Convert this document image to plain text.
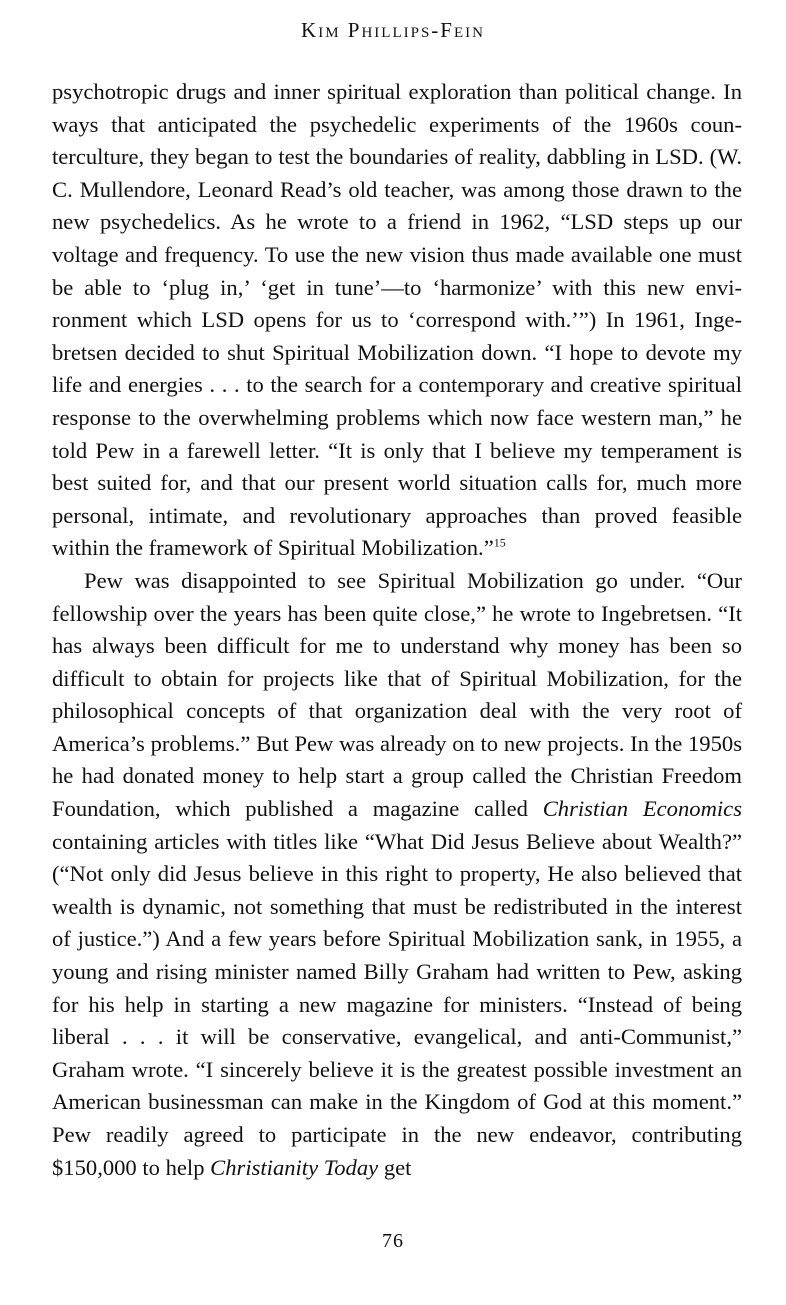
Kim Phillips-Fein

psychotropic drugs and inner spiritual exploration than political change. In ways that anticipated the psychedelic experiments of the 1960s counterculture, they began to test the boundaries of reality, dabbling in LSD. (W. C. Mullendore, Leonard Read’s old teacher, was among those drawn to the new psychedelics. As he wrote to a friend in 1962, “LSD steps up our voltage and frequency. To use the new vision thus made available one must be able to ‘plug in,’ ‘get in tune’—to ‘harmonize’ with this new environment which LSD opens for us to ‘correspond with.’”) In 1961, Ingebretsen decided to shut Spiritual Mobilization down. “I hope to devote my life and energies . . . to the search for a contemporary and creative spiritual response to the overwhelming problems which now face western man,” he told Pew in a farewell letter. “It is only that I believe my temperament is best suited for, and that our present world situation calls for, much more personal, intimate, and revolutionary approaches than proved feasible within the framework of Spiritual Mobilization.”$^{15}$

Pew was disappointed to see Spiritual Mobilization go under. “Our fellowship over the years has been quite close,” he wrote to Ingebretsen. “It has always been difficult for me to understand why money has been so difficult to obtain for projects like that of Spiritual Mobilization, for the philosophical concepts of that organization deal with the very root of America’s problems.” But Pew was already on to new projects. In the 1950s he had donated money to help start a group called the Christian Freedom Foundation, which published a magazine called Christian Economics containing articles with titles like “What Did Jesus Believe about Wealth?” (“Not only did Jesus believe in this right to property, He also believed that wealth is dynamic, not something that must be redistributed in the interest of justice.”) And a few years before Spiritual Mobilization sank, in 1955, a young and rising minister named Billy Graham had written to Pew, asking for his help in starting a new magazine for ministers. “Instead of being liberal . . . it will be conservative, evangelical, and anti-Communist,” Graham wrote. “I sincerely believe it is the greatest possible investment an American businessman can make in the Kingdom of God at this moment.” Pew readily agreed to participate in the new endeavor, contributing $150,000 to help Christianity Today get

76
